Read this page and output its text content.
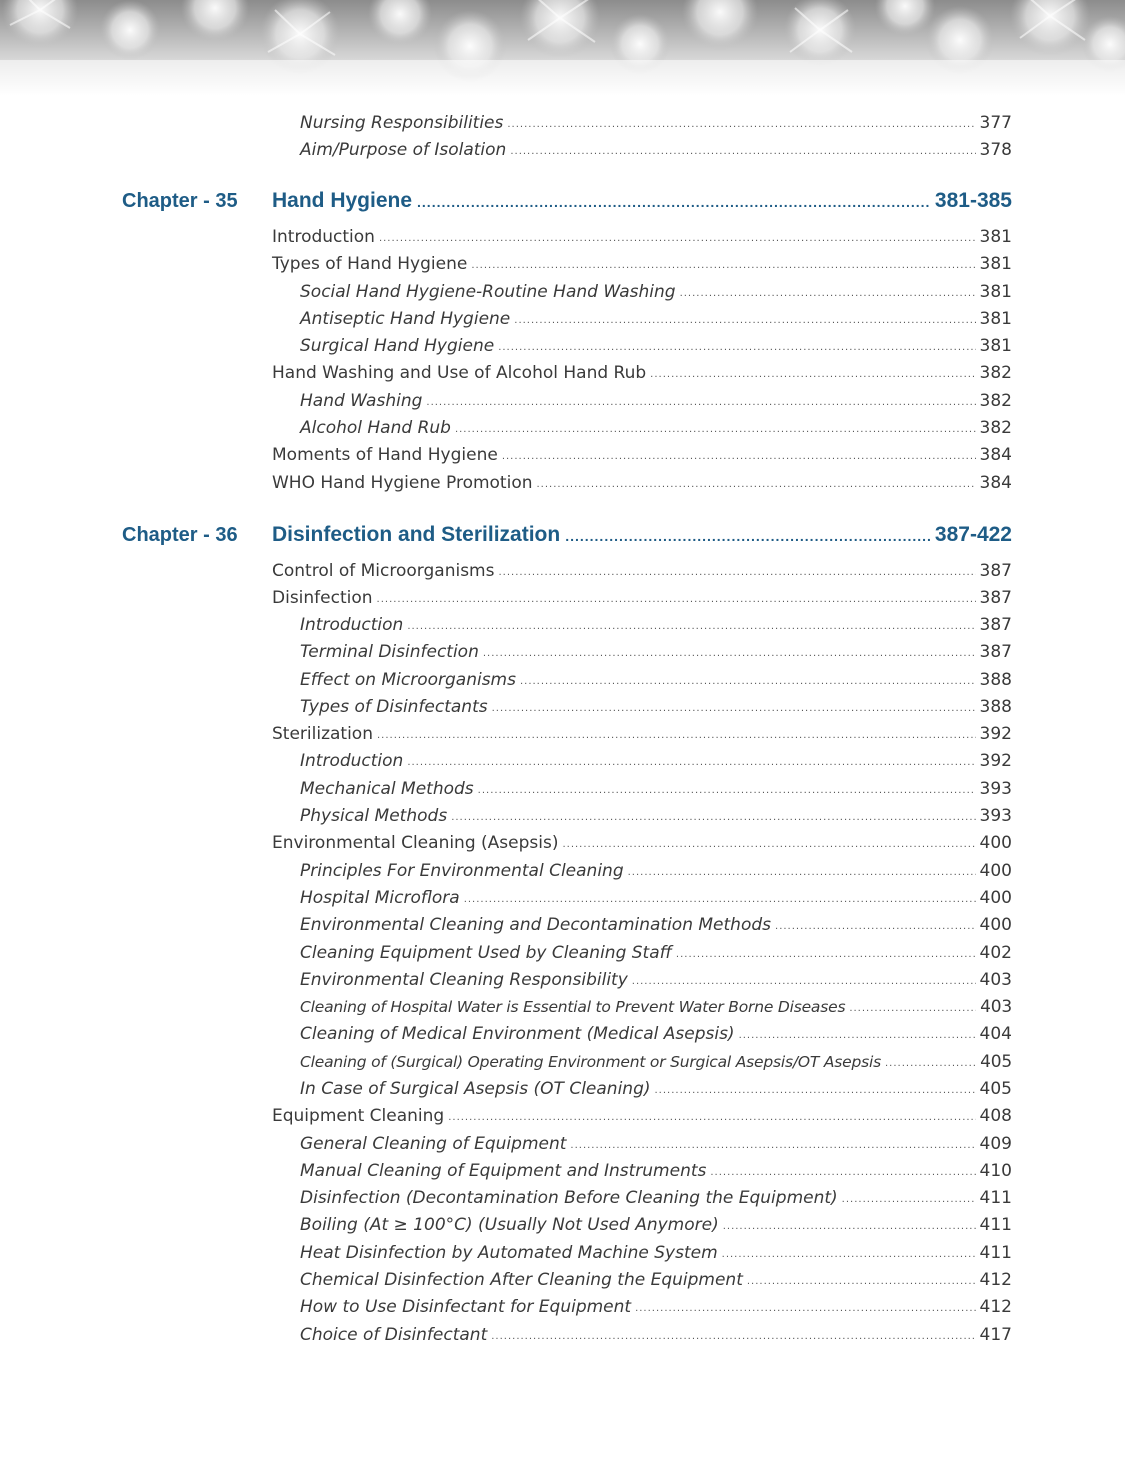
Nursing Responsibilities .....	377
Aim/Purpose of Isolation .....	378
Chapter - 35 Hand Hygiene .....	381-385
Introduction .....	381
Types of Hand Hygiene .....	381
Social Hand Hygiene-Routine Hand Washing .....	381
Antiseptic Hand Hygiene .....	381
Surgical Hand Hygiene .....	381
Hand Washing and Use of Alcohol Hand Rub .....	382
Hand Washing .....	382
Alcohol Hand Rub .....	382
Moments of Hand Hygiene .....	384
WHO Hand Hygiene Promotion .....	384
Chapter - 36 Disinfection and Sterilization .....	387-422
Control of Microorganisms .....	387
Disinfection .....	387
Introduction .....	387
Terminal Disinfection .....	387
Effect on Microorganisms .....	388
Types of Disinfectants .....	388
Sterilization .....	392
Introduction .....	392
Mechanical Methods .....	393
Physical Methods .....	393
Environmental Cleaning (Asepsis) .....	400
Principles For Environmental Cleaning .....	400
Hospital Microflora .....	400
Environmental Cleaning and Decontamination Methods .....	400
Cleaning Equipment Used by Cleaning Staff .....	402
Environmental Cleaning Responsibility .....	403
Cleaning of Hospital Water is Essential to Prevent Water Borne Diseases .....	403
Cleaning of Medical Environment (Medical Asepsis) .....	404
Cleaning of (Surgical) Operating Environment or Surgical Asepsis/OT Asepsis .....	405
In Case of Surgical Asepsis (OT Cleaning) .....	405
Equipment Cleaning .....	408
General Cleaning of Equipment .....	409
Manual Cleaning of Equipment and Instruments .....	410
Disinfection (Decontamination Before Cleaning the Equipment) .....	411
Boiling (At ≥ 100°C) (Usually Not Used Anymore) .....	411
Heat Disinfection by Automated Machine System .....	411
Chemical Disinfection After Cleaning the Equipment .....	412
How to Use Disinfectant for Equipment .....	412
Choice of Disinfectant .....	417
